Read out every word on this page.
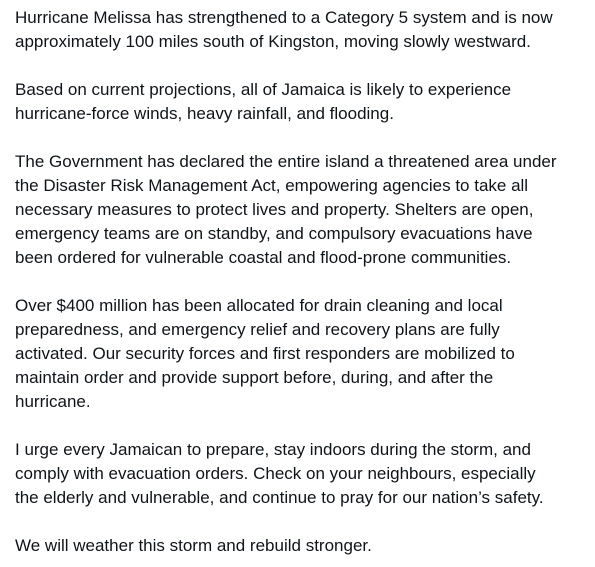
Hurricane Melissa has strengthened to a Category 5 system and is now
approximately 100 miles south of Kingston, moving slowly westward.

Based on current projections, all of Jamaica is likely to experience
hurricane-force winds, heavy rainfall, and flooding.

The Government has declared the entire island a threatened area under
the Disaster Risk Management Act, empowering agencies to take all
necessary measures to protect lives and property. Shelters are open,
emergency teams are on standby, and compulsory evacuations have
been ordered for vulnerable coastal and flood-prone communities.

Over $400 million has been allocated for drain cleaning and local
preparedness, and emergency relief and recovery plans are fully
activated. Our security forces and first responders are mobilized to
maintain order and provide support before, during, and after the
hurricane.

I urge every Jamaican to prepare, stay indoors during the storm, and
comply with evacuation orders. Check on your neighbours, especially
the elderly and vulnerable, and continue to pray for our nation’s safety.

We will weather this storm and rebuild stronger.
